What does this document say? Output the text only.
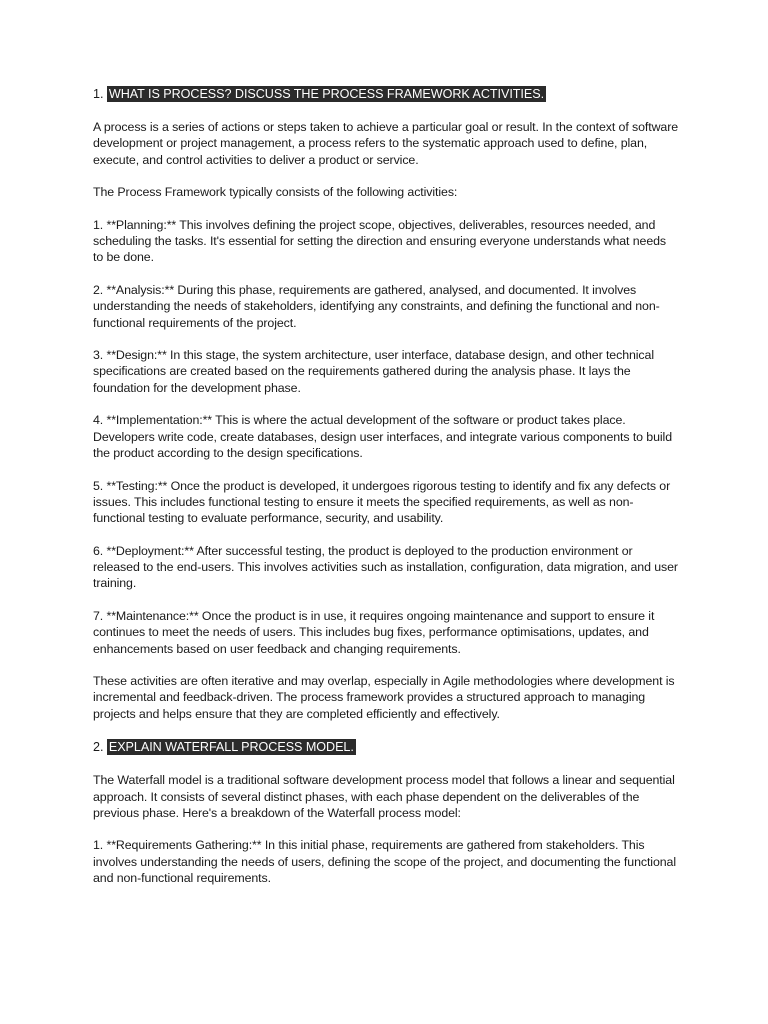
1. WHAT IS PROCESS? DISCUSS THE PROCESS FRAMEWORK ACTIVITIES.

A process is a series of actions or steps taken to achieve a particular goal or result. In the context of software development or project management, a process refers to the systematic approach used to define, plan, execute, and control activities to deliver a product or service.

The Process Framework typically consists of the following activities:

1. **Planning:** This involves defining the project scope, objectives, deliverables, resources needed, and scheduling the tasks. It's essential for setting the direction and ensuring everyone understands what needs to be done.

2. **Analysis:** During this phase, requirements are gathered, analysed, and documented. It involves understanding the needs of stakeholders, identifying any constraints, and defining the functional and non-functional requirements of the project.

3. **Design:** In this stage, the system architecture, user interface, database design, and other technical specifications are created based on the requirements gathered during the analysis phase. It lays the foundation for the development phase.

4. **Implementation:** This is where the actual development of the software or product takes place. Developers write code, create databases, design user interfaces, and integrate various components to build the product according to the design specifications.

5. **Testing:** Once the product is developed, it undergoes rigorous testing to identify and fix any defects or issues. This includes functional testing to ensure it meets the specified requirements, as well as non-functional testing to evaluate performance, security, and usability.

6. **Deployment:** After successful testing, the product is deployed to the production environment or released to the end-users. This involves activities such as installation, configuration, data migration, and user training.

7. **Maintenance:** Once the product is in use, it requires ongoing maintenance and support to ensure it continues to meet the needs of users. This includes bug fixes, performance optimisations, updates, and enhancements based on user feedback and changing requirements.

These activities are often iterative and may overlap, especially in Agile methodologies where development is incremental and feedback-driven. The process framework provides a structured approach to managing projects and helps ensure that they are completed efficiently and effectively.

2. EXPLAIN WATERFALL PROCESS MODEL.

The Waterfall model is a traditional software development process model that follows a linear and sequential approach. It consists of several distinct phases, with each phase dependent on the deliverables of the previous phase. Here's a breakdown of the Waterfall process model:

1. **Requirements Gathering:** In this initial phase, requirements are gathered from stakeholders. This involves understanding the needs of users, defining the scope of the project, and documenting the functional and non-functional requirements.
